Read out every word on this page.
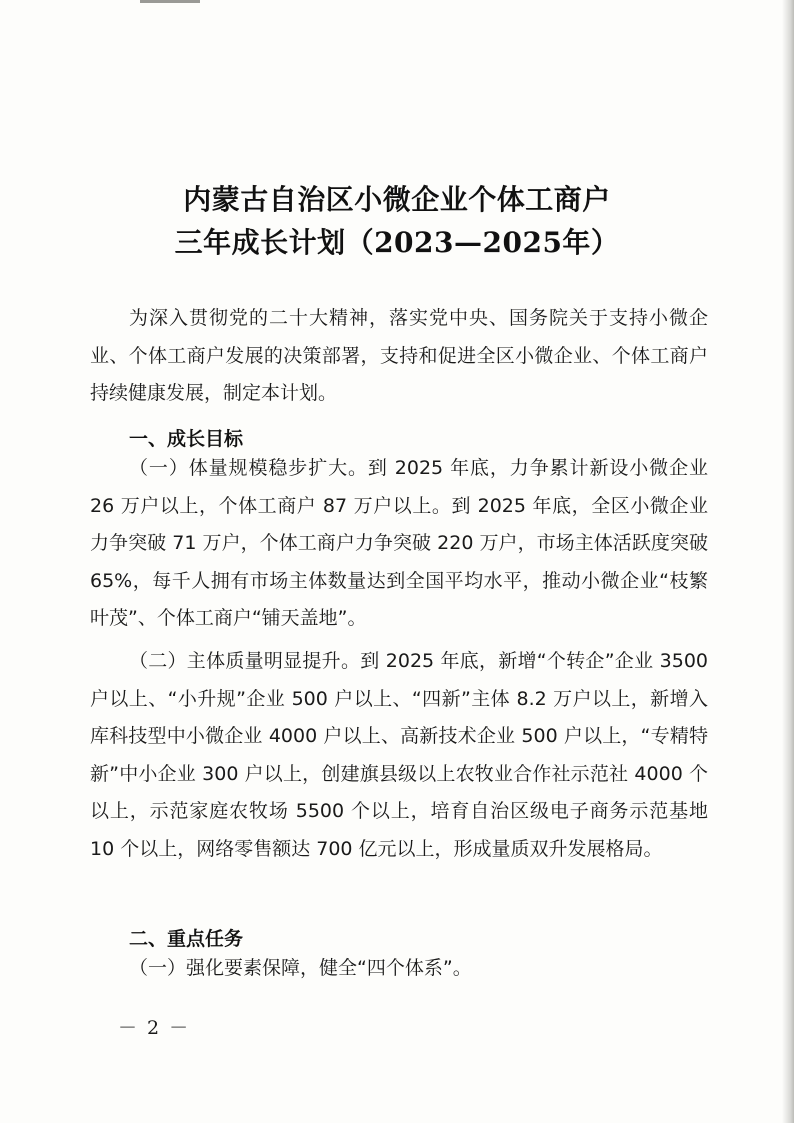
内蒙古自治区小微企业个体工商户
三年成长计划（2023—2025年）

为深入贯彻党的二十大精神，落实党中央、国务院关于支持小微企业、个体工商户发展的决策部署，支持和促进全区小微企业、个体工商户持续健康发展，制定本计划。

一、成长目标

（一）体量规模稳步扩大。到 2025 年底，力争累计新设小微企业 26 万户以上，个体工商户 87 万户以上。到 2025 年底，全区小微企业力争突破 71 万户，个体工商户力争突破 220 万户，市场主体活跃度突破 65%，每千人拥有市场主体数量达到全国平均水平，推动小微企业“枝繁叶茂”、个体工商户“铺天盖地”。

（二）主体质量明显提升。到 2025 年底，新增“个转企”企业 3500 户以上、“小升规”企业 500 户以上、“四新”主体 8.2 万户以上，新增入库科技型中小微企业 4000 户以上、高新技术企业 500 户以上，“专精特新”中小企业 300 户以上，创建旗县级以上农牧业合作社示范社 4000 个以上，示范家庭农牧场 5500 个以上，培育自治区级电子商务示范基地 10 个以上，网络零售额达 700 亿元以上，形成量质双升发展格局。

二、重点任务

（一）强化要素保障，健全“四个体系”。

－ 2 －
